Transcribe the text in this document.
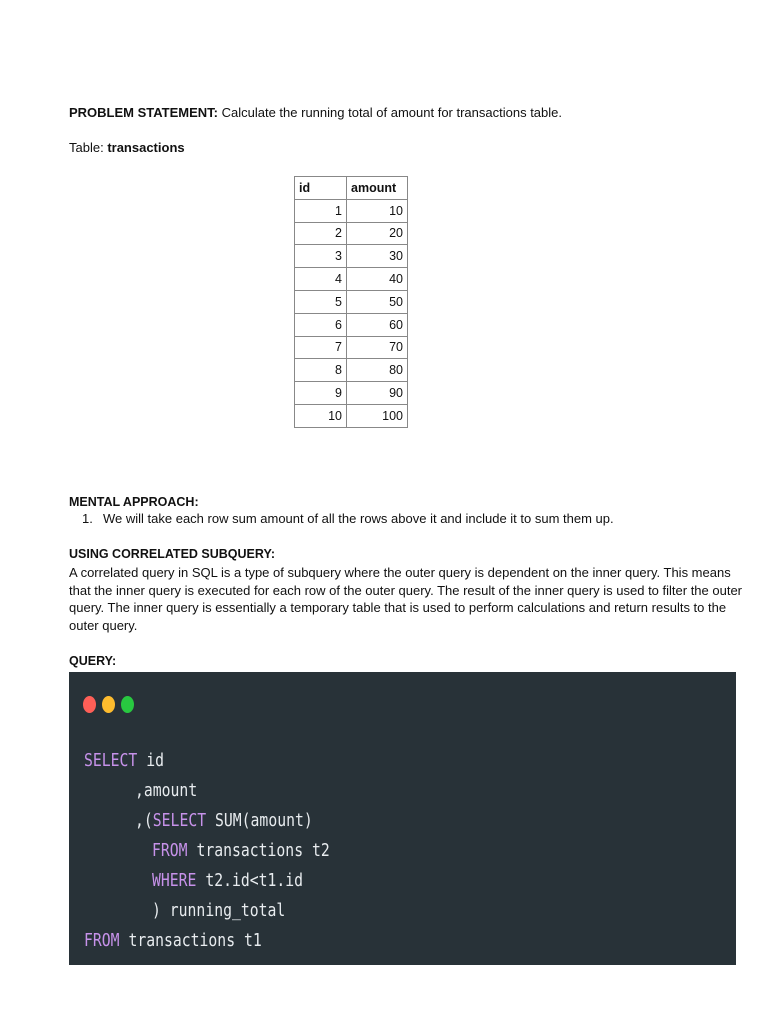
PROBLEM STATEMENT: Calculate the running total of amount for transactions table.
Table: transactions
id	amount
1	10
2	20
3	30
4	40
5	50
6	60
7	70
8	80
9	90
10	100
MENTAL APPROACH:
1. We will take each row sum amount of all the rows above it and include it to sum them up.
USING CORRELATED SUBQUERY:
A correlated query in SQL is a type of subquery where the outer query is dependent on the inner query. This means that the inner query is executed for each row of the outer query. The result of the inner query is used to filter the outer query. The inner query is essentially a temporary table that is used to perform calculations and return results to the outer query.
QUERY:
SELECT id
,amount
,(SELECT SUM(amount)
FROM transactions t2
WHERE t2.id<t1.id
) running_total
FROM transactions t1
